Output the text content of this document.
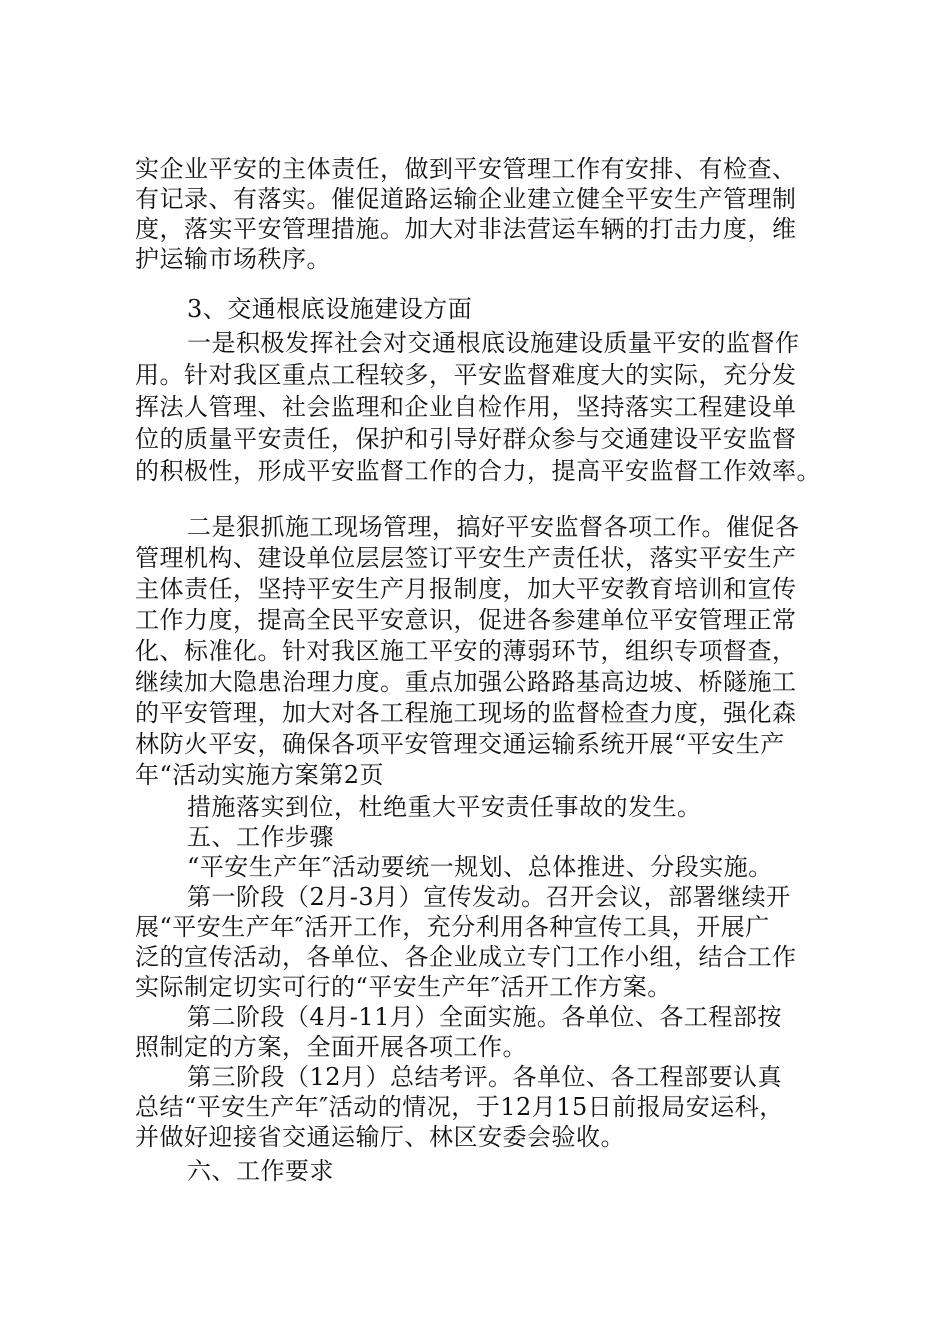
实企业平安的主体责任，做到平安管理工作有安排、有检查、
有记录、有落实。催促道路运输企业建立健全平安生产管理制
度，落实平安管理措施。加大对非法营运车辆的打击力度，维
护运输市场秩序。
3、交通根底设施建设方面
一是积极发挥社会对交通根底设施建设质量平安的监督作
用。针对我区重点工程较多，平安监督难度大的实际，充分发
挥法人管理、社会监理和企业自检作用，坚持落实工程建设单
位的质量平安责任，保护和引导好群众参与交通建设平安监督
的积极性，形成平安监督工作的合力，提高平安监督工作效率。
二是狠抓施工现场管理，搞好平安监督各项工作。催促各
管理机构、建设单位层层签订平安生产责任状，落实平安生产
主体责任，坚持平安生产月报制度，加大平安教育培训和宣传
工作力度，提高全民平安意识，促进各参建单位平安管理正常
化、标准化。针对我区施工平安的薄弱环节，组织专项督查，
继续加大隐患治理力度。重点加强公路路基高边坡、桥隧施工
的平安管理，加大对各工程施工现场的监督检查力度，强化森
林防火平安，确保各项平安管理交通运输系统开展“平安生产
年“活动实施方案第2页
措施落实到位，杜绝重大平安责任事故的发生。
五、工作步骤
“平安生产年″活动要统一规划、总体推进、分段实施。
第一阶段（2月-3月）宣传发动。召开会议，部署继续开
展“平安生产年″活开工作，充分利用各种宣传工具，开展广
泛的宣传活动，各单位、各企业成立专门工作小组，结合工作
实际制定切实可行的“平安生产年″活开工作方案。
第二阶段（4月-11月）全面实施。各单位、各工程部按
照制定的方案，全面开展各项工作。
第三阶段（12月）总结考评。各单位、各工程部要认真
总结“平安生产年″活动的情况，于12月15日前报局安运科，
并做好迎接省交通运输厅、林区安委会验收。
六、工作要求
